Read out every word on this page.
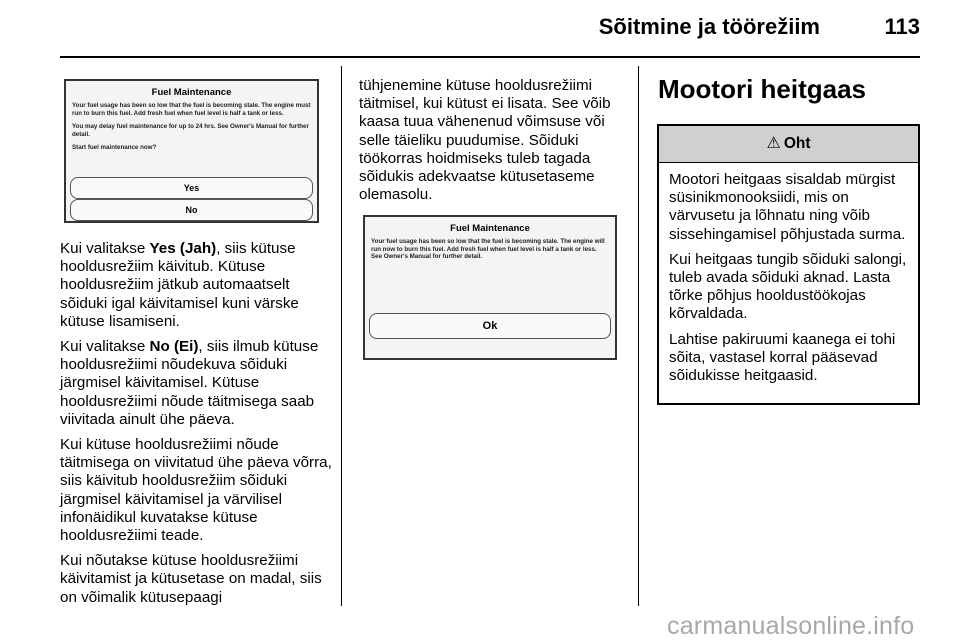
Sõitmine ja töörežiim	113
Fuel Maintenance

Your fuel usage has been so low that the fuel is becoming stale. The engine must run to burn this fuel. Add fresh fuel when fuel level is half a tank or less.

You may delay fuel maintenance for up to 24 hrs. See Owner's Manual for further detail.

Start fuel maintenance now?

Yes
No

Kui valitakse Yes (Jah), siis kütuse hooldusrežiim käivitub. Kütuse hooldusrežiim jätkub automaatselt sõiduki igal käivitamisel kuni värske kütuse lisamiseni.

Kui valitakse No (Ei), siis ilmub kütuse hooldusrežiimi nõudekuva sõiduki järgmisel käivitamisel. Kütuse hooldusrežiimi nõude täitmisega saab viivitada ainult ühe päeva.

Kui kütuse hooldusrežiimi nõude täitmisega on viivitatud ühe päeva võrra, siis käivitub hooldusrežiim sõiduki järgmisel käivitamisel ja värvilisel infonäidikul kuvatakse kütuse hooldusrežiimi teade.

Kui nõutakse kütuse hooldusrežiimi käivitamist ja kütusetase on madal, siis on võimalik kütusepaagi

tühjenemine kütuse hooldusrežiimi täitmisel, kui kütust ei lisata. See võib kaasa tuua vähenenud võimsuse või selle täieliku puudumise. Sõiduki töökorras hoidmiseks tuleb tagada sõidukis adekvaatse kütusetaseme olemasolu.

Fuel Maintenance

Your fuel usage has been so low that the fuel is becoming stale. The engine will run now to burn this fuel. Add fresh fuel when fuel level is half a tank or less. See Owner's Manual for further detail.

Ok
Mootori heitgaas
⚠ Oht

Mootori heitgaas sisaldab mürgist süsinikmonooksiidi, mis on värvusetu ja lõhnatu ning võib sissehingamisel põhjustada surma.

Kui heitgaas tungib sõiduki salongi, tuleb avada sõiduki aknad. Lasta tõrke põhjus hooldustöökojas kõrvaldada.

Lahtise pakiruumi kaanega ei tohi sõita, vastasel korral pääsevad sõidukisse heitgaasid.

carmanualsonline.info
